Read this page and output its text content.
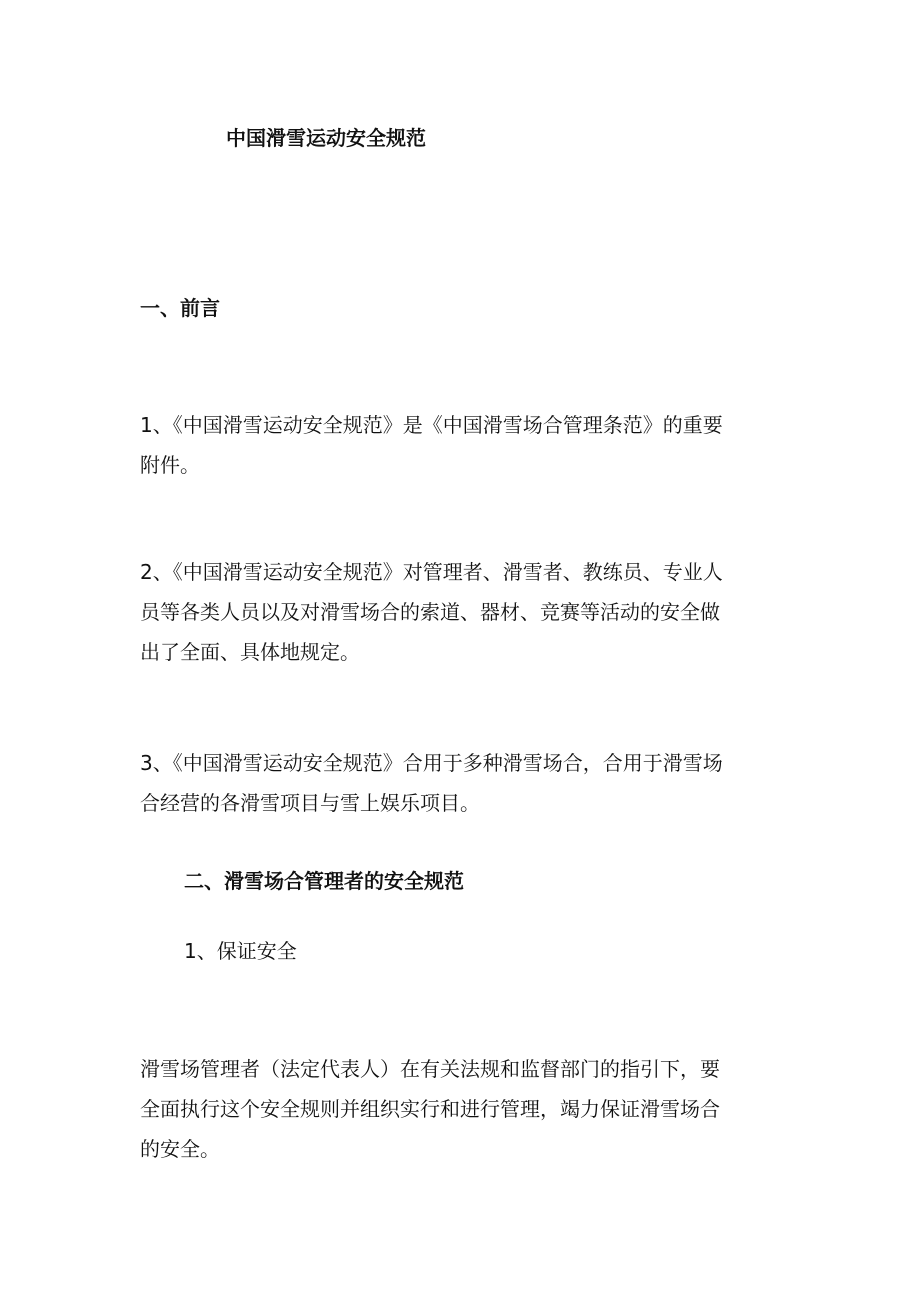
中国滑雪运动安全规范
一、前言

1、《中国滑雪运动安全规范》是《中国滑雪场合管理条范》的重要
附件。

2、《中国滑雪运动安全规范》对管理者、滑雪者、教练员、专业人
员等各类人员以及对滑雪场合的索道、器材、竞赛等活动的安全做
出了全面、具体地规定。

3、《中国滑雪运动安全规范》合用于多种滑雪场合，合用于滑雪场
合经营的各滑雪项目与雪上娱乐项目。

二、滑雪场合管理者的安全规范
1、保证安全

滑雪场管理者（法定代表人）在有关法规和监督部门的指引下，要
全面执行这个安全规则并组织实行和进行管理，竭力保证滑雪场合
的安全。
